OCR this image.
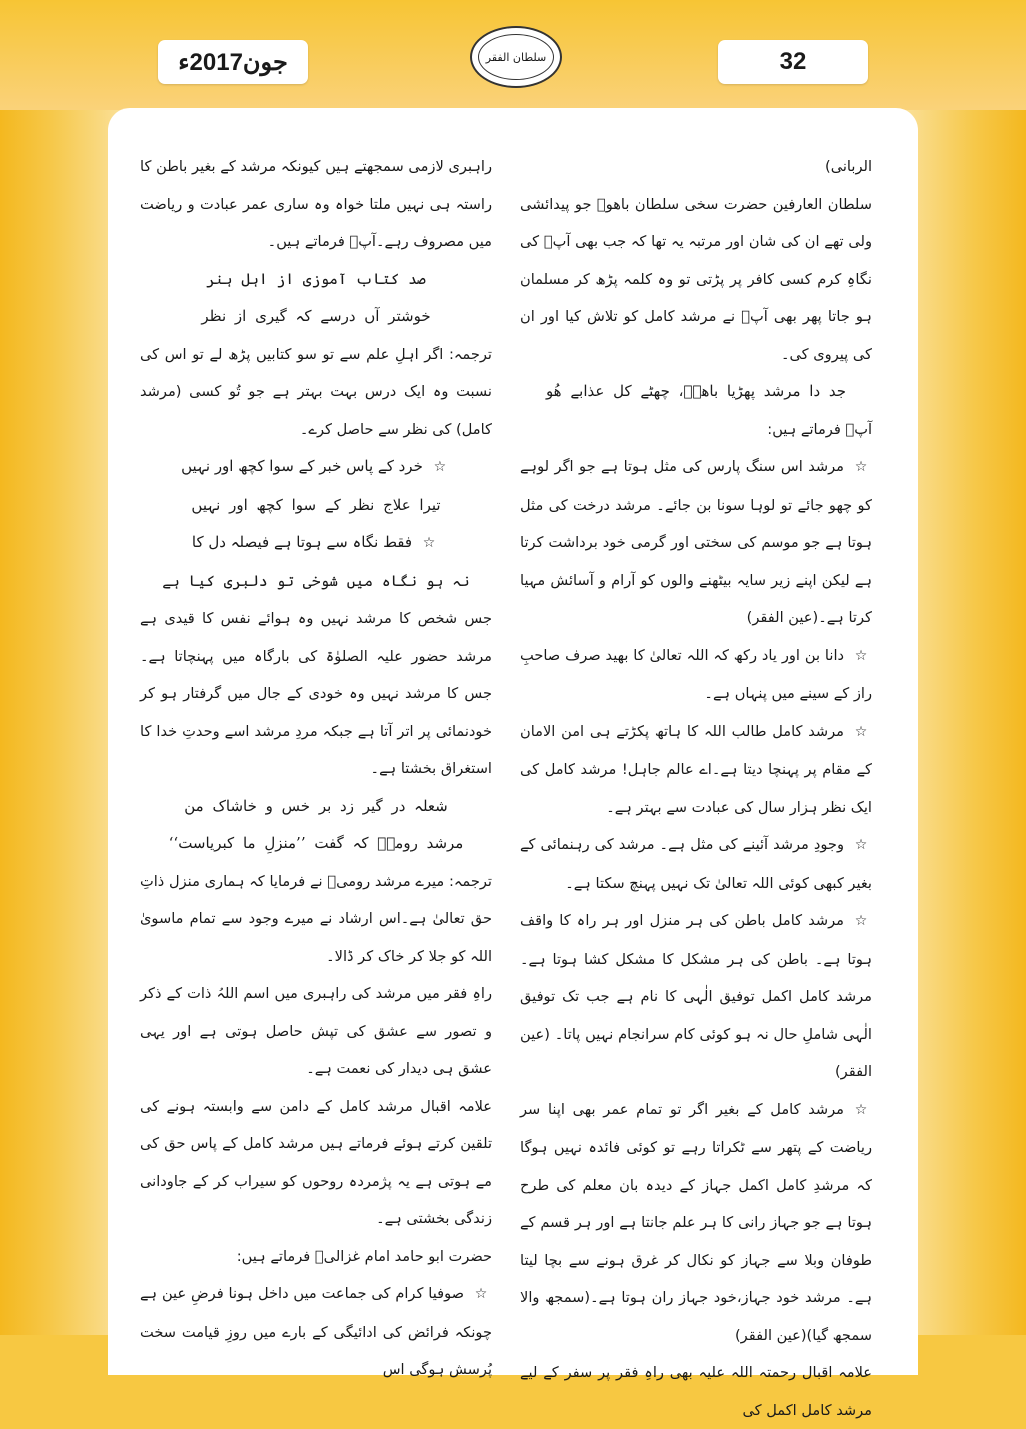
جون2017ء	سلطان الفقر	32

الربانی)

سلطان العارفین حضرت سخی سلطان باھوؒ جو پیدائشی ولی تھے ان کی شان اور مرتبہ یہ تھا کہ جب بھی آپؒ کی نگاہِ کرم کسی کافر پر پڑتی تو وہ کلمہ پڑھ کر مسلمان ہو جاتا پھر بھی آپؒ نے مرشد کامل کو تلاش کیا اور ان کی پیروی کی۔

جد دا مرشد پھڑیا باھوؒ، چھٹے کل عذابے ھُو

آپؒ فرماتے ہیں:

☆مرشد اس سنگ پارس کی مثل ہوتا ہے جو اگر لوہے کو چھو جائے تو لوہا سونا بن جائے۔ مرشد درخت کی مثل ہوتا ہے جو موسم کی سختی اور گرمی خود برداشت کرتا ہے لیکن اپنے زیر سایہ بیٹھنے والوں کو آرام و آسائش مہیا کرتا ہے۔(عین الفقر)

☆دانا بن اور یاد رکھ کہ اللہ تعالیٰ کا بھید صرف صاحبِ راز کے سینے میں پنہاں ہے۔

☆مرشد کامل طالب اللہ کا ہاتھ پکڑتے ہی امن الامان کے مقام پر پہنچا دیتا ہے۔اے عالم جاہل! مرشد کامل کی ایک نظر ہزار سال کی عبادت سے بہتر ہے۔

☆وجودِ مرشد آئینے کی مثل ہے۔ مرشد کی رہنمائی کے بغیر کبھی کوئی اللہ تعالیٰ تک نہیں پہنچ سکتا ہے۔

☆مرشد کامل باطن کی ہر منزل اور ہر راہ کا واقف ہوتا ہے۔ باطن کی ہر مشکل کا مشکل کشا ہوتا ہے۔ مرشد کامل اکمل توفیق الٰہی کا نام ہے جب تک توفیق الٰہی شاملِ حال نہ ہو کوئی کام سرانجام نہیں پاتا۔ (عین الفقر)

☆مرشد کامل کے بغیر اگر تو تمام عمر بھی اپنا سر ریاضت کے پتھر سے ٹکراتا رہے تو کوئی فائدہ نہیں ہوگا کہ مرشدِ کامل اکمل جہاز کے دیدہ بان معلم کی طرح ہوتا ہے جو جہاز رانی کا ہر علم جانتا ہے اور ہر قسم کے طوفان وبلا سے جہاز کو نکال کر غرق ہونے سے بچا لیتا ہے۔ مرشد خود جہاز،خود جہاز ران ہوتا ہے۔(سمجھ والا سمجھ گیا)(عین الفقر)

علامہ اقبال رحمتہ اللہ علیہ بھی راہِ فقر پر سفر کے لیے مرشد کامل اکمل کی

راہبری لازمی سمجھتے ہیں کیونکہ مرشد کے بغیر باطن کا راستہ ہی نہیں ملتا خواہ وہ ساری عمر عبادت و ریاضت میں مصروف رہے۔آپؒ فرماتے ہیں۔

صد کتاب آموزی از اہل ہنر

خوشتر آں درسے کہ گیری از نظر

ترجمہ: اگر اہلِ علم سے تو سو کتابیں پڑھ لے تو اس کی نسبت وہ ایک درس بہت بہتر ہے جو تُو کسی (مرشد کامل) کی نظر سے حاصل کرے۔

☆خرد کے پاس خبر کے سوا کچھ اور نہیں

تیرا علاج نظر کے سوا کچھ اور نہیں

☆فقط نگاہ سے ہوتا ہے فیصلہ دل کا

نہ ہو نگاہ میں شوخی تو دلبری کیا ہے

جس شخص کا مرشد نہیں وہ ہوائے نفس کا قیدی ہے مرشد حضور علیہ الصلوٰۃ کی بارگاہ میں پہنچاتا ہے۔ جس کا مرشد نہیں وہ خودی کے جال میں گرفتار ہو کر خودنمائی پر اتر آتا ہے جبکہ مردِ مرشد اسے وحدتِ خدا کا استغراق بخشتا ہے۔

شعلہ در گیر زد بر خس و خاشاک من

مرشد رومیؒ کہ گفت ’’منزلِ ما کبریاست‘‘

ترجمہ: میرے مرشد رومیؒ نے فرمایا کہ ہماری منزل ذاتِ حق تعالیٰ ہے۔اس ارشاد نے میرے وجود سے تمام ماسویٰ اللہ کو جلا کر خاک کر ڈالا۔

راہِ فقر میں مرشد کی راہبری میں اسم اللہُ ذات کے ذکر و تصور سے عشق کی تپش حاصل ہوتی ہے اور یہی عشق ہی دیدار کی نعمت ہے۔

علامہ اقبال مرشد کامل کے دامن سے وابستہ ہونے کی تلقین کرتے ہوئے فرماتے ہیں مرشد کامل کے پاس حق کی مے ہوتی ہے یہ پژمردہ روحوں کو سیراب کر کے جاودانی زندگی بخشتی ہے۔

حضرت ابو حامد امام غزالیؒ فرماتے ہیں:

☆صوفیا کرام کی جماعت میں داخل ہونا فرضِ عین ہے چونکہ فرائض کی ادائیگی کے بارے میں روزِ قیامت سخت پُرسش ہوگی اس
